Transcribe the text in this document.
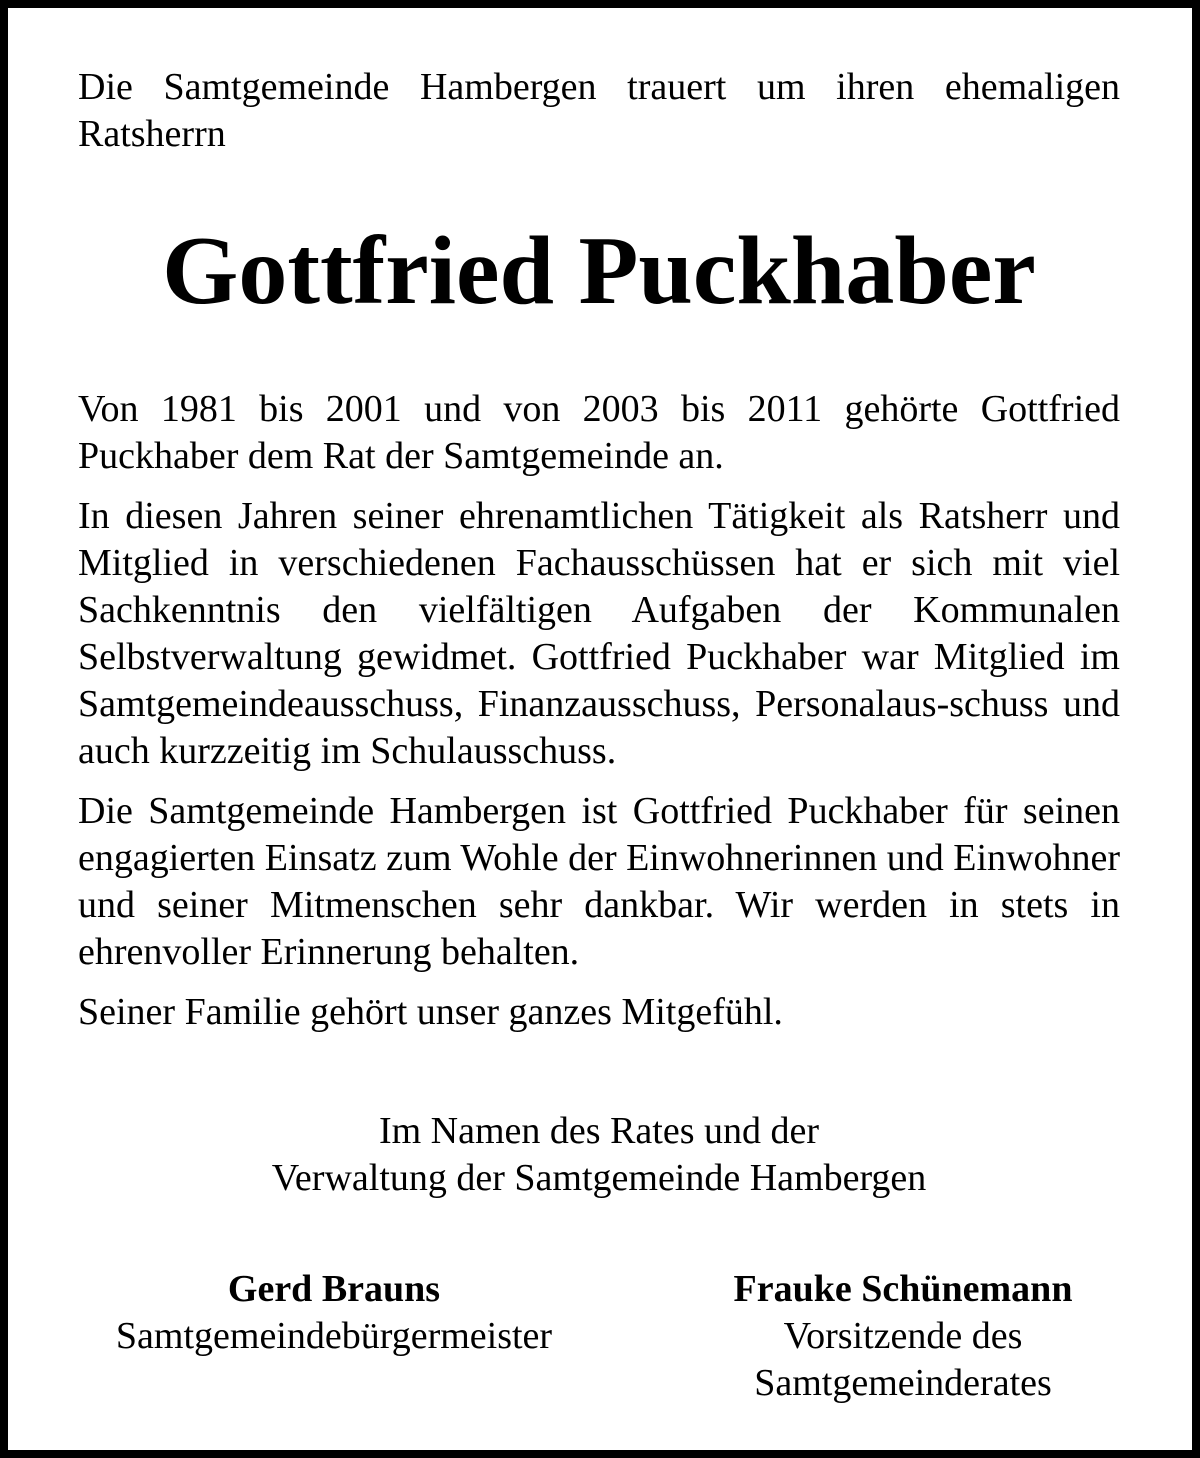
Die Samtgemeinde Hambergen trauert um ihren ehemaligen
Ratsherrn

Gottfried Puckhaber

Von 1981 bis 2001 und von 2003 bis 2011 gehörte Gottfried Puckhaber dem Rat der Samtgemeinde an.

In diesen Jahren seiner ehrenamtlichen Tätigkeit als Ratsherr und Mitglied in verschiedenen Fachausschüssen hat er sich mit viel Sachkenntnis den vielfältigen Aufgaben der Kommunalen Selbstverwaltung gewidmet. Gottfried Puckhaber war Mitglied im Samtgemeindeausschuss, Finanzausschuss, Personalaus-schuss und auch kurzzeitig im Schulausschuss.

Die Samtgemeinde Hambergen ist Gottfried Puckhaber für seinen engagierten Einsatz zum Wohle der Einwohnerinnen und Einwohner und seiner Mitmenschen sehr dankbar. Wir werden in stets in ehrenvoller Erinnerung behalten.

Seiner Familie gehört unser ganzes Mitgefühl.

Im Namen des Rates und der
Verwaltung der Samtgemeinde Hambergen
Gerd Brauns
Samtgemeindebürgermeister
Frauke Schünemann
Vorsitzende des
Samtgemeinderates
